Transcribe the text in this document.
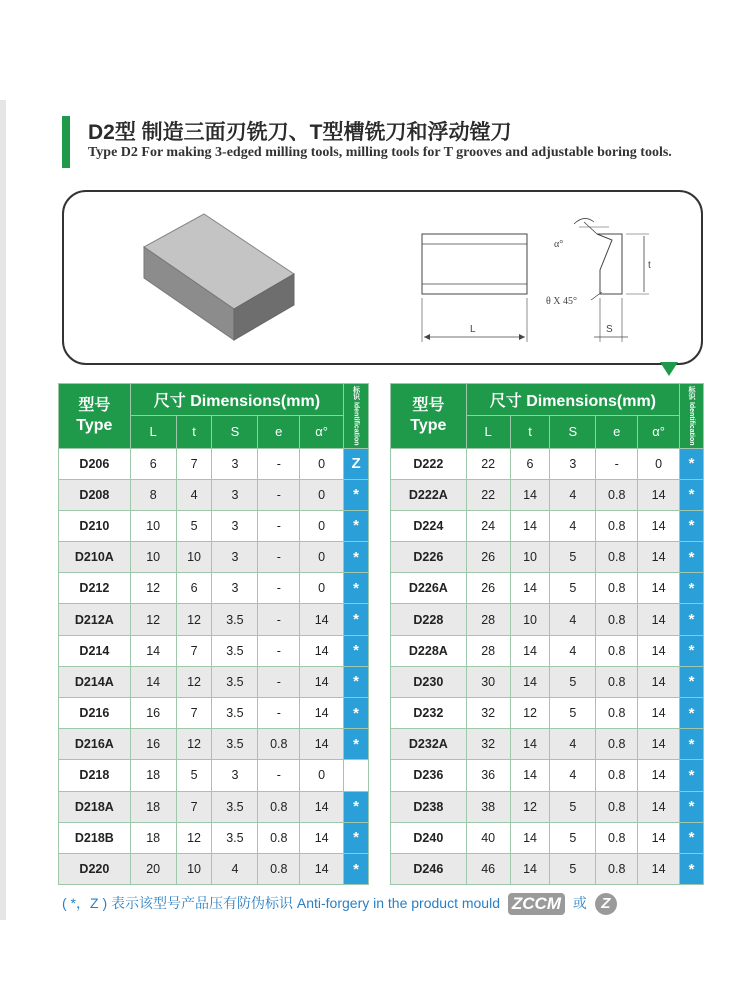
D2型 制造三面刃铣刀、T型槽铣刀和浮动镗刀
Type D2 For making 3-edged milling tools, milling tools for T grooves and adjustable boring tools.
L
α°
t
θ X 45°
S
型号
Type	尺寸 Dimensions(mm)					标识 Identification
	L	t	S	e	α°	
D206	6	7	3	-	0	Z
D208	8	4	3	-	0	*
D210	10	5	3	-	0	*
D210A	10	10	3	-	0	*
D212	12	6	3	-	0	*
D212A	12	12	3.5	-	14	*
D214	14	7	3.5	-	14	*
D214A	14	12	3.5	-	14	*
D216	16	7	3.5	-	14	*
D216A	16	12	3.5	0.8	14	*
D218	18	5	3	-	0	
D218A	18	7	3.5	0.8	14	*
D218B	18	12	3.5	0.8	14	*
D220	20	10	4	0.8	14	*
型号
Type	尺寸 Dimensions(mm)					标识 Identification
	L	t	S	e	α°	
D222	22	6	3	-	0	*
D222A	22	14	4	0.8	14	*
D224	24	14	4	0.8	14	*
D226	26	10	5	0.8	14	*
D226A	26	14	5	0.8	14	*
D228	28	10	4	0.8	14	*
D228A	28	14	4	0.8	14	*
D230	30	14	5	0.8	14	*
D232	32	12	5	0.8	14	*
D232A	32	14	4	0.8	14	*
D236	36	14	4	0.8	14	*
D238	38	12	5	0.8	14	*
D240	40	14	5	0.8	14	*
D246	46	14	5	0.8	14	*
( *，Z ) 表示该型号产品压有防伪标识 Anti-forgery in the product mould ZCCM 或 Z
